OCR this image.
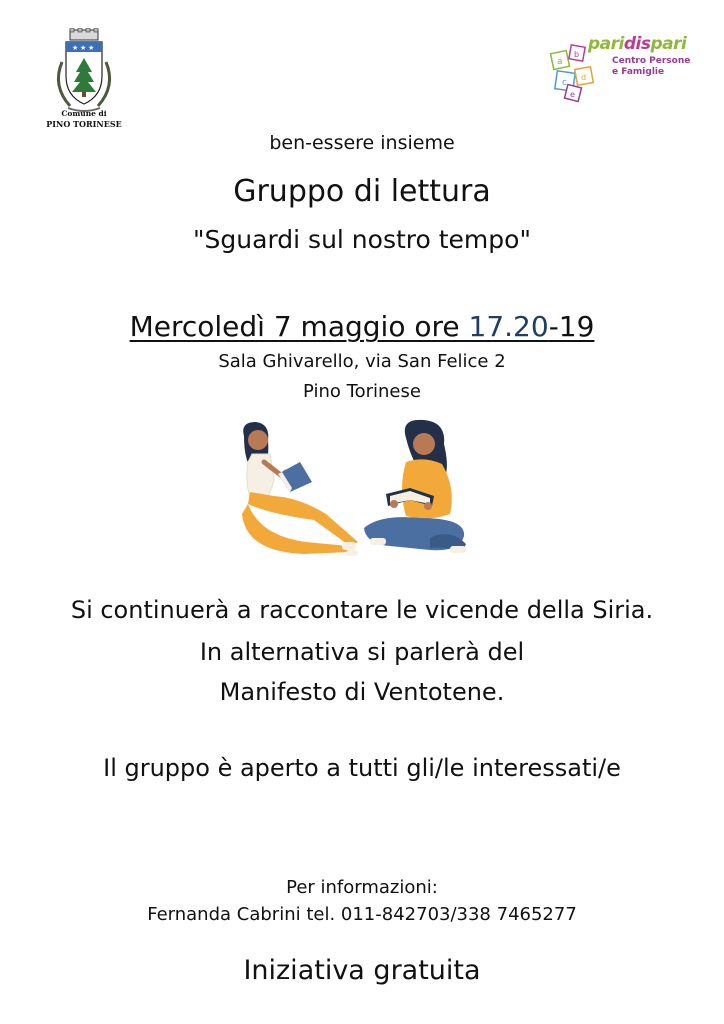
★ ★ ★
Comune di
PINO TORINESE
a
b
c
d
e
paridispari
Centro Persone
e Famiglie
ben-essere insieme
Gruppo di lettura
"Sguardi sul nostro tempo"
Mercoledì 7 maggio ore 17.20-19
Sala Ghivarello, via San Felice 2
Pino Torinese
Si continuerà a raccontare le vicende della Siria.
In alternativa si parlerà del
Manifesto di Ventotene.
Il gruppo è aperto a tutti gli/le interessati/e
Per informazioni:
Fernanda Cabrini tel. 011-842703/338 7465277
Iniziativa gratuita
